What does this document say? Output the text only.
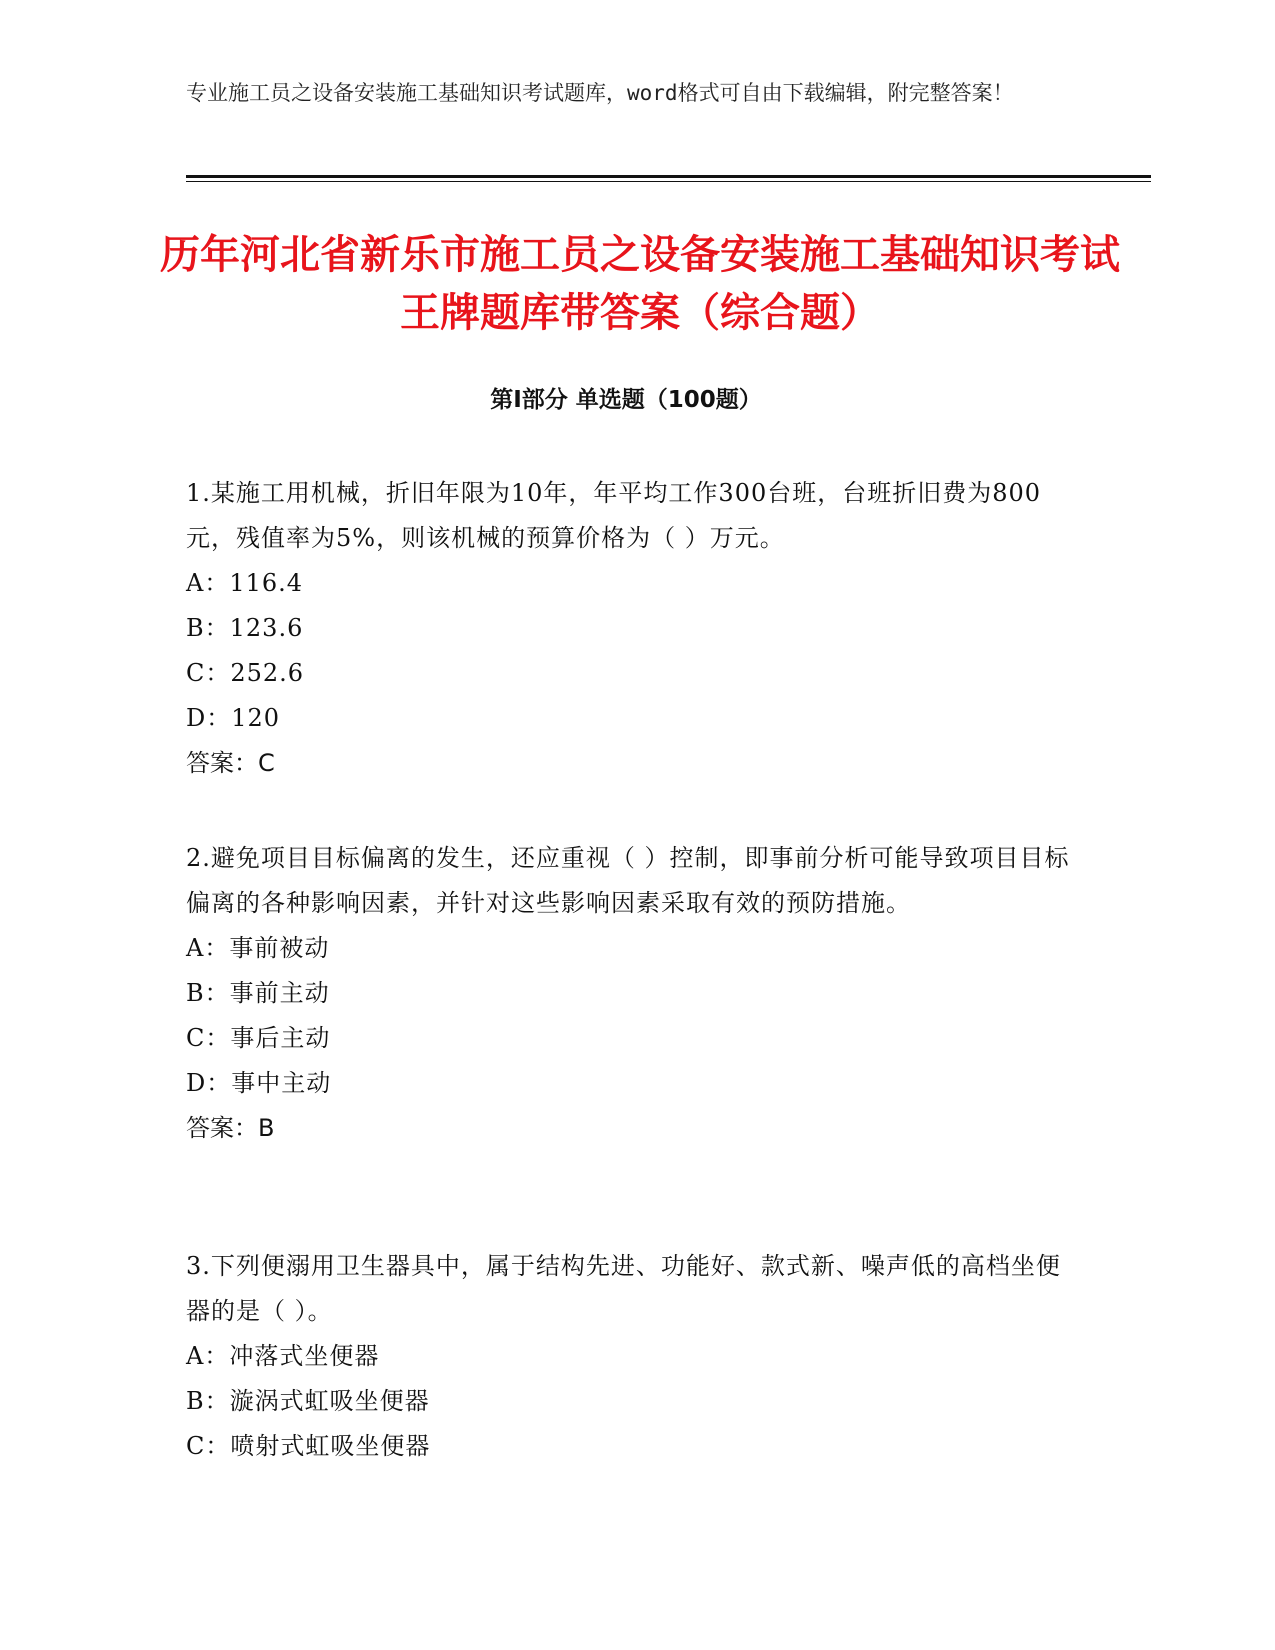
专业施工员之设备安装施工基础知识考试题库，word格式可自由下载编辑，附完整答案！
历年河北省新乐市施工员之设备安装施工基础知识考试王牌题库带答案（综合题）
第Ⅰ部分 单选题（100题）
1.某施工用机械，折旧年限为10年，年平均工作300台班，台班折旧费为800元，残值率为5%，则该机械的预算价格为（ ）万元。
A：116.4
B：123.6
C：252.6
D：120
答案：C
2.避免项目目标偏离的发生，还应重视（ ）控制，即事前分析可能导致项目目标偏离的各种影响因素，并针对这些影响因素采取有效的预防措施。
A：事前被动
B：事前主动
C：事后主动
D：事中主动
答案：B
3.下列便溺用卫生器具中，属于结构先进、功能好、款式新、噪声低的高档坐便器的是（ ）。
A：冲落式坐便器
B：漩涡式虹吸坐便器
C：喷射式虹吸坐便器
